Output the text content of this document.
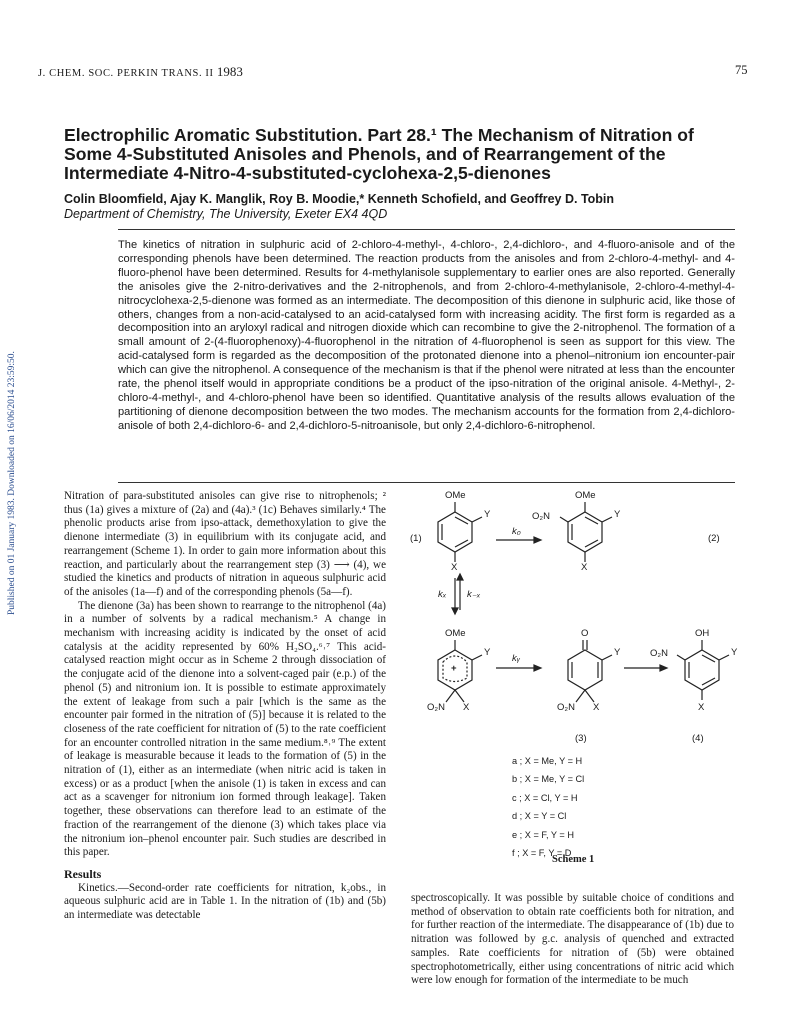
J. CHEM. SOC. PERKIN TRANS. II 1983	75
Published on 01 January 1983. Downloaded on 16/06/2014 23:59:50.
Electrophilic Aromatic Substitution. Part 28.¹ The Mechanism of Nitration of Some 4-Substituted Anisoles and Phenols, and of Rearrangement of the Intermediate 4-Nitro-4-substituted-cyclohexa-2,5-dienones
Colin Bloomfield, Ajay K. Manglik, Roy B. Moodie,* Kenneth Schofield, and Geoffrey D. Tobin
Department of Chemistry, The University, Exeter EX4 4QD
The kinetics of nitration in sulphuric acid of 2-chloro-4-methyl-, 4-chloro-, 2,4-dichloro-, and 4-fluoro-anisole and of the corresponding phenols have been determined. The reaction products from the anisoles and from 2-chloro-4-methyl- and 4-fluoro-phenol have been determined. Results for 4-methylanisole supplementary to earlier ones are also reported. Generally the anisoles give the 2-nitro-derivatives and the 2-nitrophenols, and from 2-chloro-4-methylanisole, 2-chloro-4-methyl-4-nitrocyclohexa-2,5-dienone was formed as an intermediate. The decomposition of this dienone in sulphuric acid, like those of others, changes from a non-acid-catalysed to an acid-catalysed form with increasing acidity. The first form is regarded as a decomposition into an aryloxyl radical and nitrogen dioxide which can recombine to give the 2-nitrophenol. The formation of a small amount of 2-(4-fluorophenoxy)-4-fluorophenol in the nitration of 4-fluorophenol is seen as support for this view. The acid-catalysed form is regarded as the decomposition of the protonated dienone into a phenol–nitronium ion encounter-pair which can give the nitrophenol. A consequence of the mechanism is that if the phenol were nitrated at less than the encounter rate, the phenol itself would in appropriate conditions be a product of the ipso-nitration of the original anisole. 4-Methyl-, 2-chloro-4-methyl-, and 4-chloro-phenol have been so identified. Quantitative analysis of the results allows evaluation of the partitioning of dienone decomposition between the two modes. The mechanism accounts for the formation from 2,4-dichloro-anisole of both 2,4-dichloro-6- and 2,4-dichloro-5-nitroanisole, but only 2,4-dichloro-6-nitrophenol.

Nitration of para-substituted anisoles can give rise to nitrophenols; ² thus (1a) gives a mixture of (2a) and (4a).³ (1c) Behaves similarly.⁴ The phenolic products arise from ipso-attack, demethoxylation to give the dienone intermediate (3) in equilibrium with its conjugate acid, and rearrangement (Scheme 1). In order to gain more information about this reaction, and particularly about the rearrangement step (3) ⟶ (4), we studied the kinetics and products of nitration in aqueous sulphuric acid of the anisoles (1a—f) and of the corresponding phenols (5a—f).

The dienone (3a) has been shown to rearrange to the nitrophenol (4a) in a number of solvents by a radical mechanism.⁵ A change in mechanism with increasing acidity is indicated by the onset of acid catalysis at the acidity represented by 60% H₂SO₄.⁶˒⁷ This acid-catalysed reaction might occur as in Scheme 2 through dissociation of the conjugate acid of the dienone into a solvent-caged pair (e.p.) of the phenol (5) and nitronium ion. It is possible to estimate approximately the extent of leakage from such a pair [which is the same as the encounter pair formed in the nitration of (5)] because it is related to the closeness of the rate coefficient for nitration of (5) to the rate coefficient for an encounter controlled nitration in the same medium.⁸˒⁹ The extent of leakage is measurable because it leads to the formation of (5) in the nitration of (1), either as an intermediate (when nitric acid is taken in excess) or as a product [when the anisole (1) is taken in excess and can act as a scavenger for nitronium ion formed through leakage]. Taken together, these observations can therefore lead to an estimate of the fraction of the rearrangement of the dienone (3) which takes place via the nitronium ion–phenol encounter pair. Such studies are described in this paper.

Results

Kinetics.—Second-order rate coefficients for nitration, k₂obs., in aqueous sulphuric acid are in Table 1. In the nitration of (1b) and (5b) an intermediate was detectable

OMe	OMe
Y	Y
O₂N
X	X
k₀
(1)	(2)
kₓ k₋ₓ
OMe	O	OH
Y	Y	Y
kᵧ
+
O₂N X	O₂N X
O₂N
X
(3)	(4)
a ; X = Me, Y = H
b ; X = Me, Y = Cl
c ; X = Cl, Y = H
d ; X = Y = Cl
e ; X = F, Y = H
f ; X = F, Y = D
Scheme 1

spectroscopically. It was possible by suitable choice of conditions and method of observation to obtain rate coefficients both for nitration, and for further reaction of the intermediate. The disappearance of (1b) due to nitration was followed by g.c. analysis of quenched and extracted samples. Rate coefficients for nitration of (5b) were obtained spectrophotometrically, either using concentrations of nitric acid which were low enough for formation of the intermediate to be much
